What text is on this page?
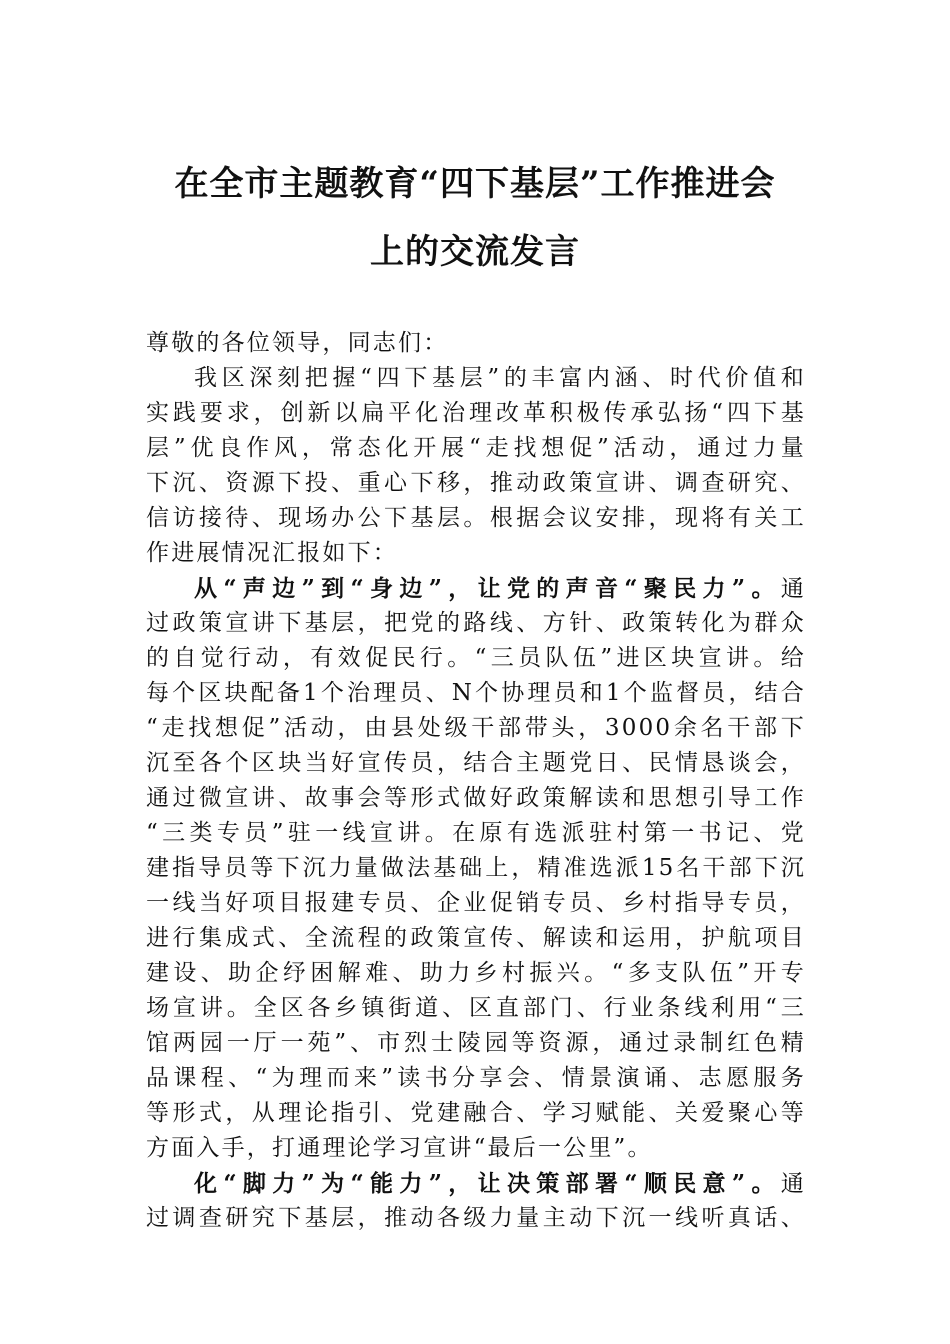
在全市主题教育“四下基层”工作推进会
上的交流发言
尊敬的各位领导，同志们：
我区深刻把握“四下基层”的丰富内涵、时代价值和
实践要求，创新以扁平化治理改革积极传承弘扬“四下基
层”优良作风，常态化开展“走找想促”活动，通过力量
下沉、资源下投、重心下移，推动政策宣讲、调查研究、
信访接待、现场办公下基层。根据会议安排，现将有关工
作进展情况汇报如下：
从“声边”到“身边”，让党的声音“聚民力”。通
过政策宣讲下基层，把党的路线、方针、政策转化为群众
的自觉行动，有效促民行。“三员队伍”进区块宣讲。给
每个区块配备1个治理员、N个协理员和1个监督员，结合
“走找想促”活动，由县处级干部带头，3000余名干部下
沉至各个区块当好宣传员，结合主题党日、民情恳谈会，
通过微宣讲、故事会等形式做好政策解读和思想引导工作
“三类专员”驻一线宣讲。在原有选派驻村第一书记、党
建指导员等下沉力量做法基础上，精准选派15名干部下沉
一线当好项目报建专员、企业促销专员、乡村指导专员，
进行集成式、全流程的政策宣传、解读和运用，护航项目
建设、助企纾困解难、助力乡村振兴。“多支队伍”开专
场宣讲。全区各乡镇街道、区直部门、行业条线利用“三
馆两园一厅一苑”、市烈士陵园等资源，通过录制红色精
品课程、“为理而来”读书分享会、情景演诵、志愿服务
等形式，从理论指引、党建融合、学习赋能、关爱聚心等
方面入手，打通理论学习宣讲“最后一公里”。
化“脚力”为“能力”，让决策部署“顺民意”。通
过调查研究下基层，推动各级力量主动下沉一线听真话、
